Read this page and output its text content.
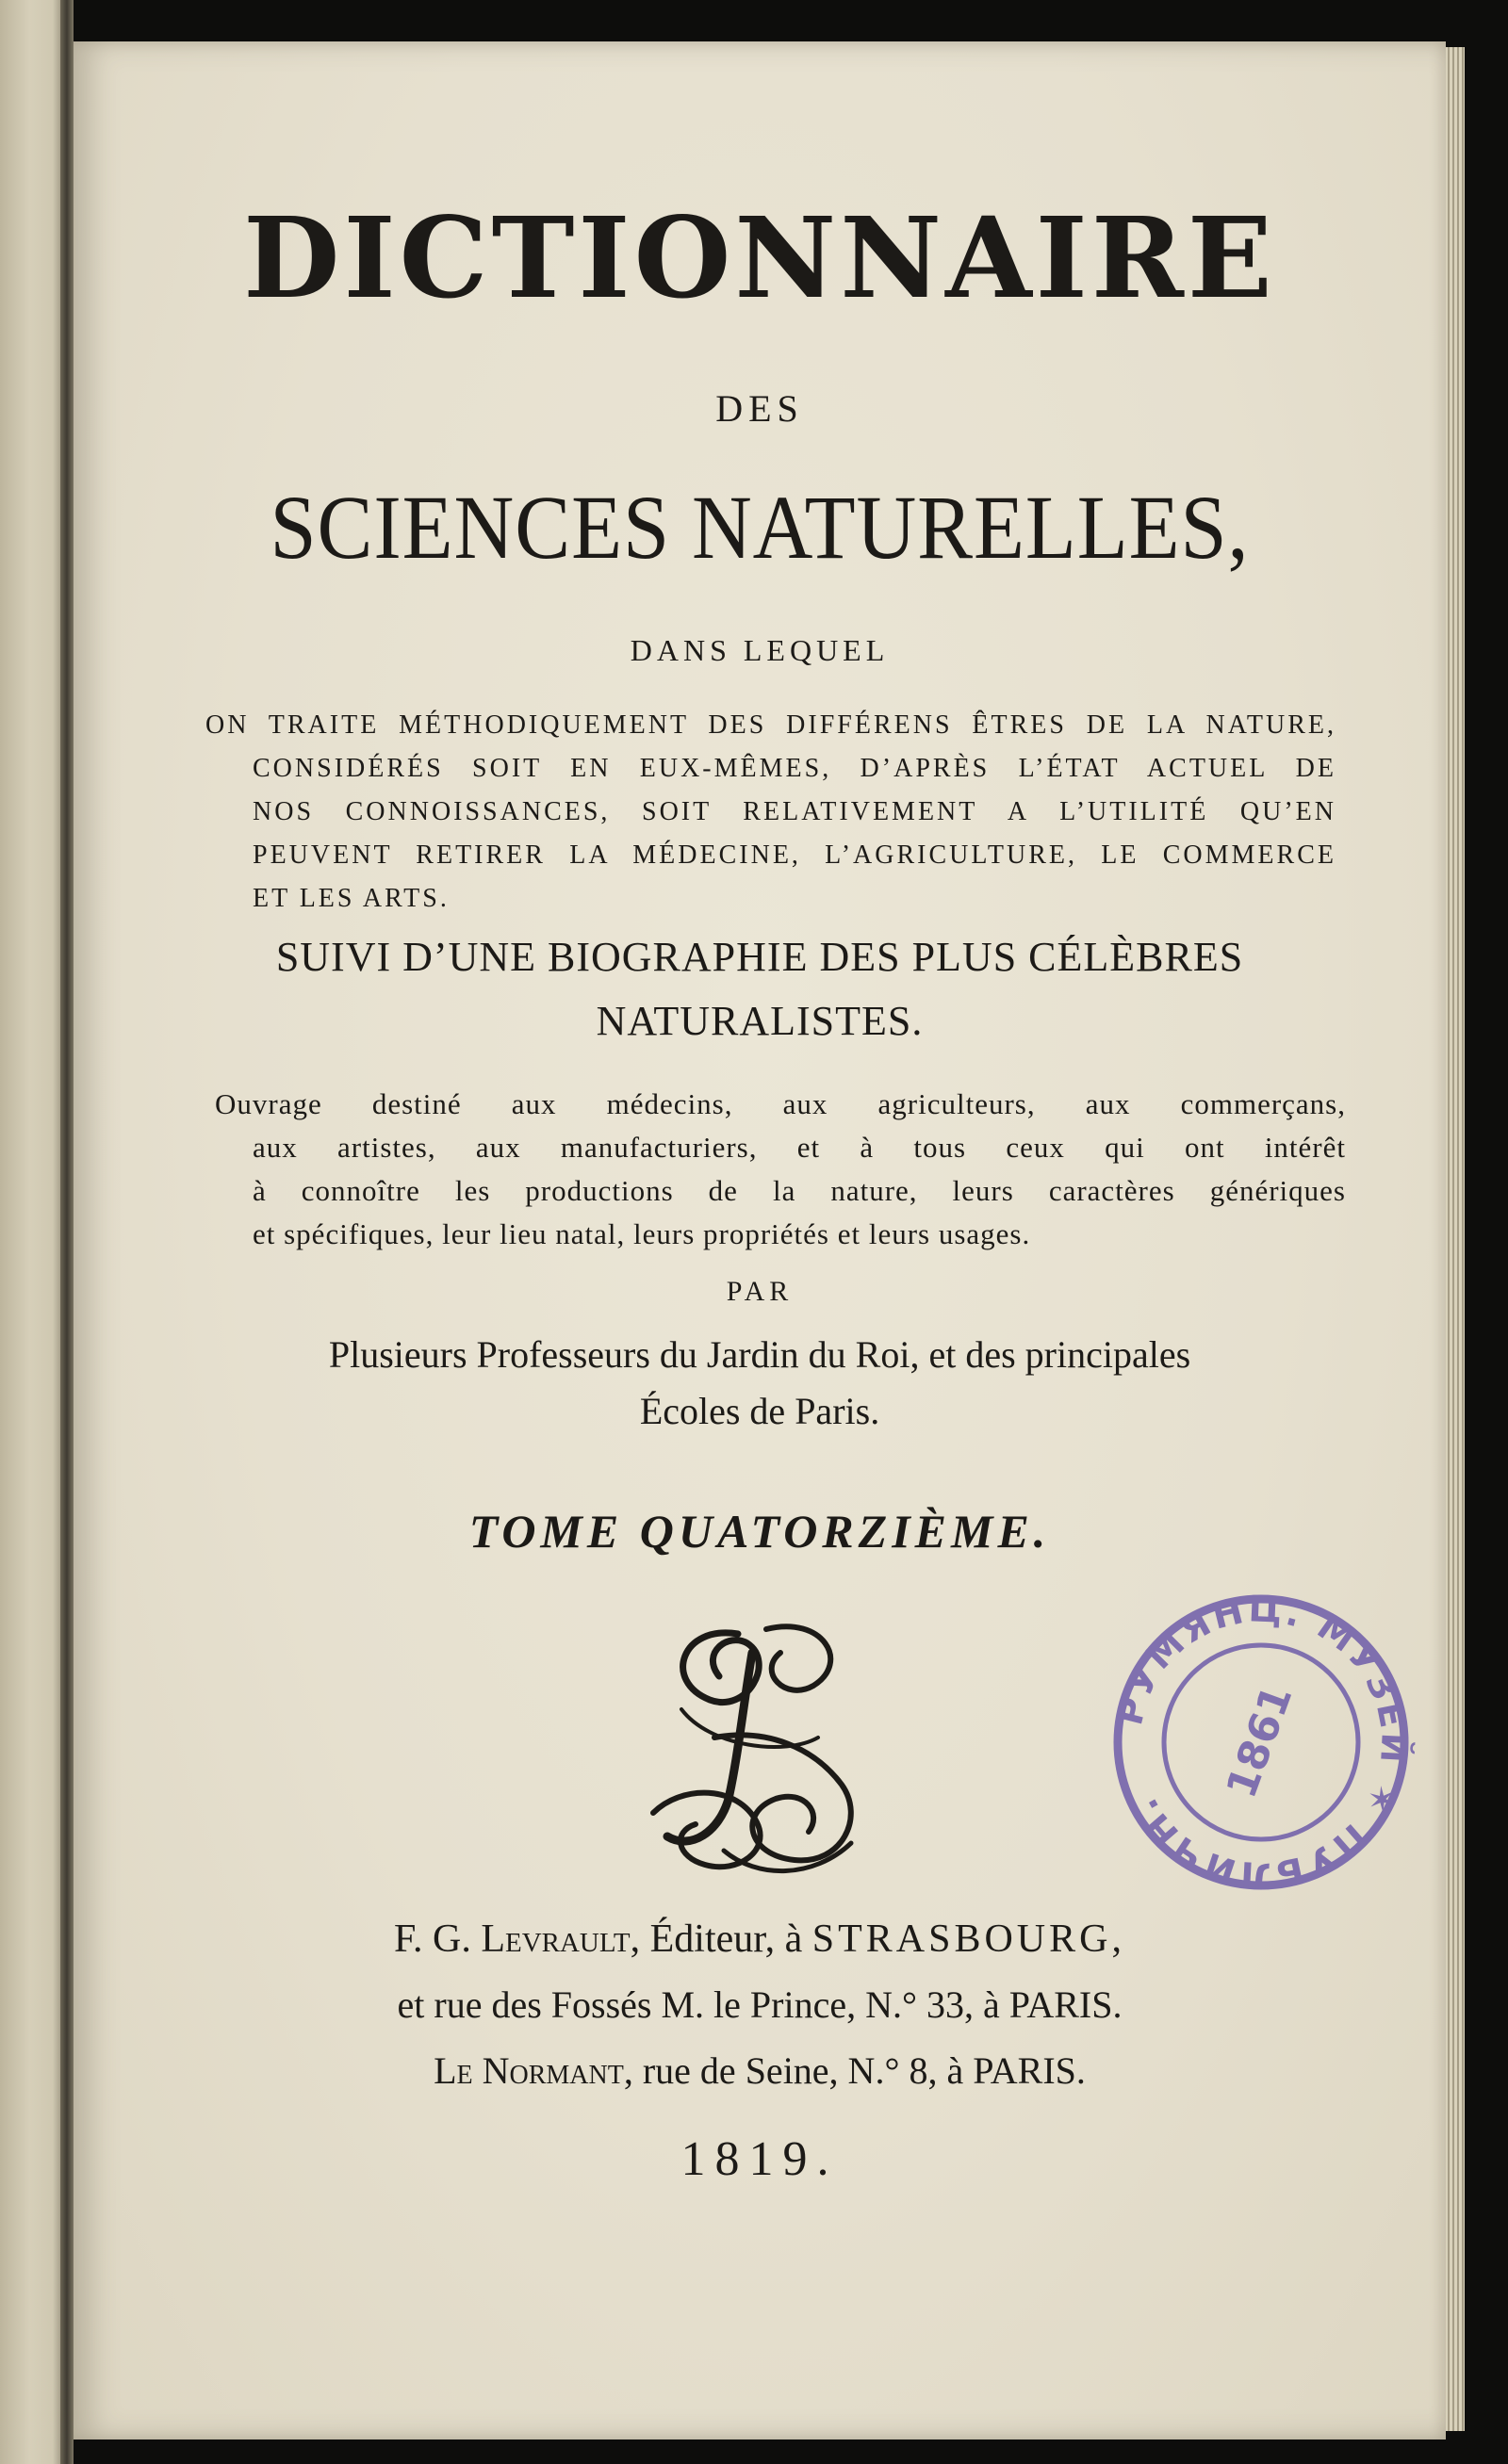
DICTIONNAIRE
DES
SCIENCES NATURELLES,
DANS LEQUEL
ON TRAITE MÉTHODIQUEMENT DES DIFFÉRENS ÊTRES DE LA NATURE,
CONSIDÉRÉS SOIT EN EUX-MÊMES, D’APRÈS L’ÉTAT ACTUEL DE
NOS CONNOISSANCES, SOIT RELATIVEMENT A L’UTILITÉ QU’EN
PEUVENT RETIRER LA MÉDECINE, L’AGRICULTURE, LE COMMERCE
ET LES ARTS.
SUIVI D’UNE BIOGRAPHIE DES PLUS CÉLÈBRES
NATURALISTES.
Ouvrage destiné aux médecins, aux agriculteurs, aux commerçans,
aux artistes, aux manufacturiers, et à tous ceux qui ont intérêt
à connoître les productions de la nature, leurs caractères génériques
et spécifiques, leur lieu natal, leurs propriétés et leurs usages.
PAR
Plusieurs Professeurs du Jardin du Roi, et des principales
Écoles de Paris.
TOME QUATORZIÈME.
РУМЯНЦ. МУЗЕЙ ✶ ПУБЛИЧН.
1861
F. G. Levrault, Éditeur, à STRASBOURG,
et rue des Fossés M. le Prince, N.° 33, à PARIS.
Le Normant, rue de Seine, N.° 8, à PARIS.
1819.
